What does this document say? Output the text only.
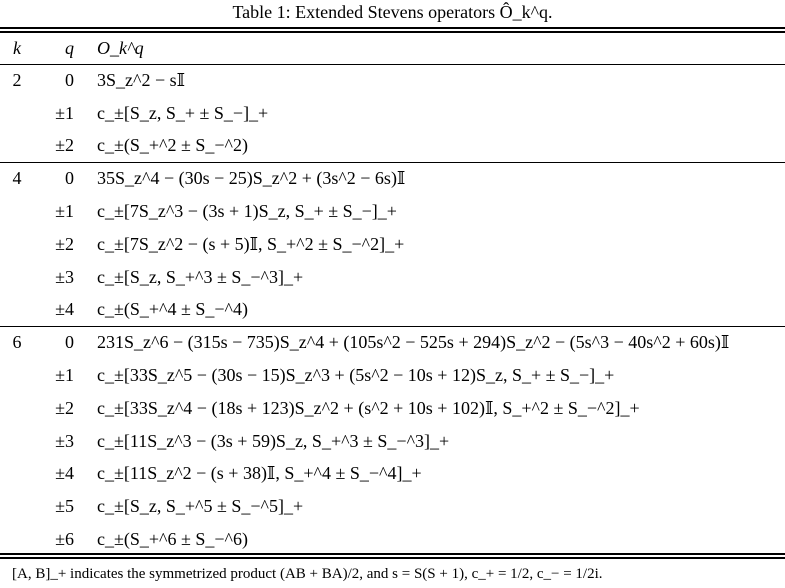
Table 1: Extended Stevens operators Ô_k^q.
k	q O_k^q
2	0 3S_z^2 − s𝕀
±1 c_±[S_z, S_+ ± S_−]_+
±2 c_±(S_+^2 ± S_−^2)
4	0 35S_z^4 − (30s − 25)S_z^2 + (3s^2 − 6s)𝕀
±1 c_±[7S_z^3 − (3s + 1)S_z, S_+ ± S_−]_+
±2 c_±[7S_z^2 − (s + 5)𝕀, S_+^2 ± S_−^2]_+
±3 c_±[S_z, S_+^3 ± S_−^3]_+
±4 c_±(S_+^4 ± S_−^4)
6	0 231S_z^6 − (315s − 735)S_z^4 + (105s^2 − 525s + 294)S_z^2 − (5s^3 − 40s^2 + 60s)𝕀
±1 c_±[33S_z^5 − (30s − 15)S_z^3 + (5s^2 − 10s + 12)S_z, S_+ ± S_−]_+
±2 c_±[33S_z^4 − (18s + 123)S_z^2 + (s^2 + 10s + 102)𝕀, S_+^2 ± S_−^2]_+
±3 c_±[11S_z^3 − (3s + 59)S_z, S_+^3 ± S_−^3]_+
±4 c_±[11S_z^2 − (s + 38)𝕀, S_+^4 ± S_−^4]_+
±5 c_±[S_z, S_+^5 ± S_−^5]_+
±6 c_±(S_+^6 ± S_−^6)
[A, B]_+ indicates the symmetrized product (AB + BA)/2, and s = S(S + 1), c_+ = 1/2, c_− = 1/2i.
